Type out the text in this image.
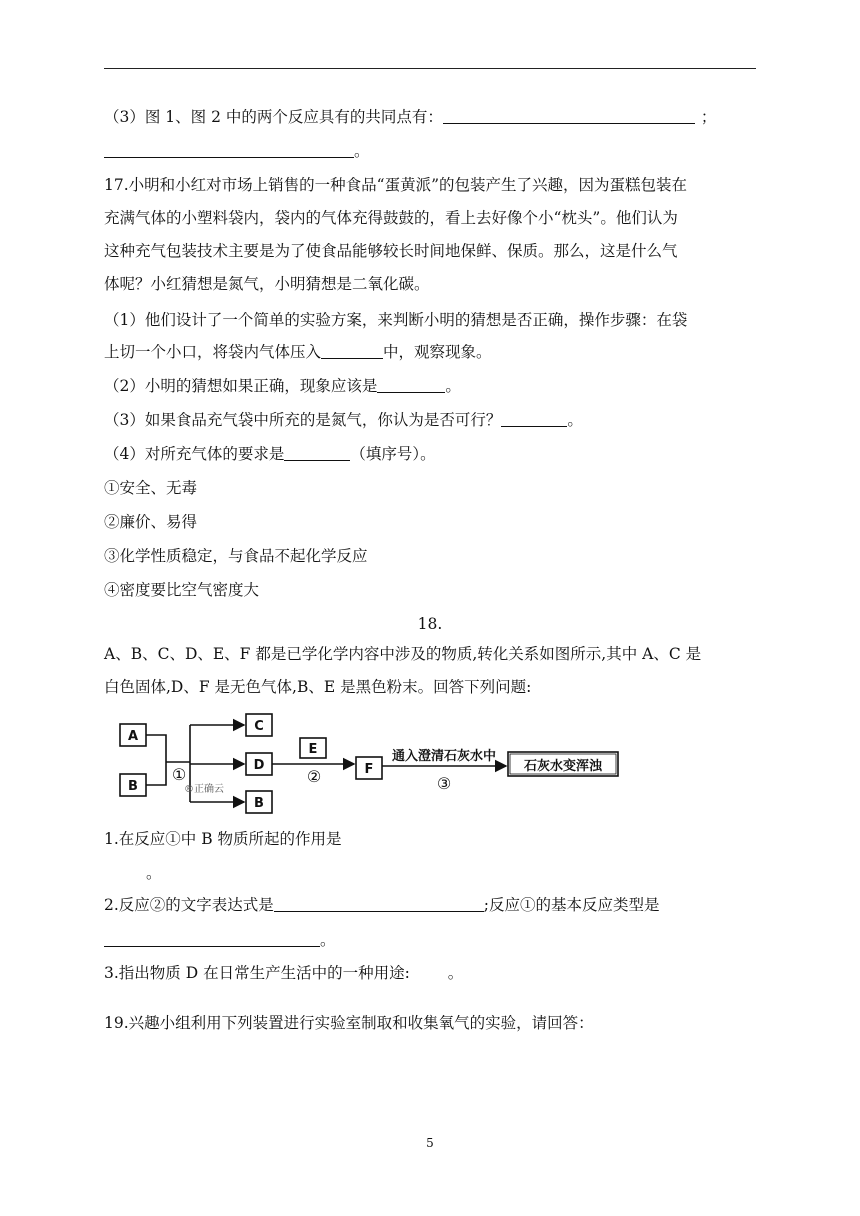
（3）图 1、图 2 中的两个反应具有的共同点有：	；
。
17.小明和小红对市场上销售的一种食品“蛋黄派”的包装产生了兴趣，因为蛋糕包装在
充满气体的小塑料袋内，袋内的气体充得鼓鼓的，看上去好像个小“枕头”。他们认为
这种充气包装技术主要是为了使食品能够较长时间地保鲜、保质。那么，这是什么气
体呢？小红猜想是氮气，小明猜想是二氧化碳。
（1）他们设计了一个简单的实验方案，来判断小明的猜想是否正确，操作步骤：在袋
上切一个小口，将袋内气体压入	中，观察现象。
（2）小明的猜想如果正确，现象应该是	。
（3）如果食品充气袋中所充的是氮气，你认为是否可行？	。
（4）对所充气体的要求是	（填序号）。
①安全、无毒
②廉价、易得
③化学性质稳定，与食品不起化学反应
④密度要比空气密度大
18.
A、B、C、D、E、F 都是已学化学内容中涉及的物质,转化关系如图所示,其中 A、C 是
白色固体,D、F 是无色气体,B、E 是黑色粉末。回答下列问题:
A
B
C
D
B
E
F
①	②	③
通入澄清石灰水中
石灰水变浑浊
®正确云
1.在反应①中 B 物质所起的作用是
。
2.反应②的文字表达式是	;反应①的基本反应类型是
。
3.指出物质 D 在日常生产生活中的一种用途: 。
19.兴趣小组利用下列装置进行实验室制取和收集氧气的实验，请回答：
5
